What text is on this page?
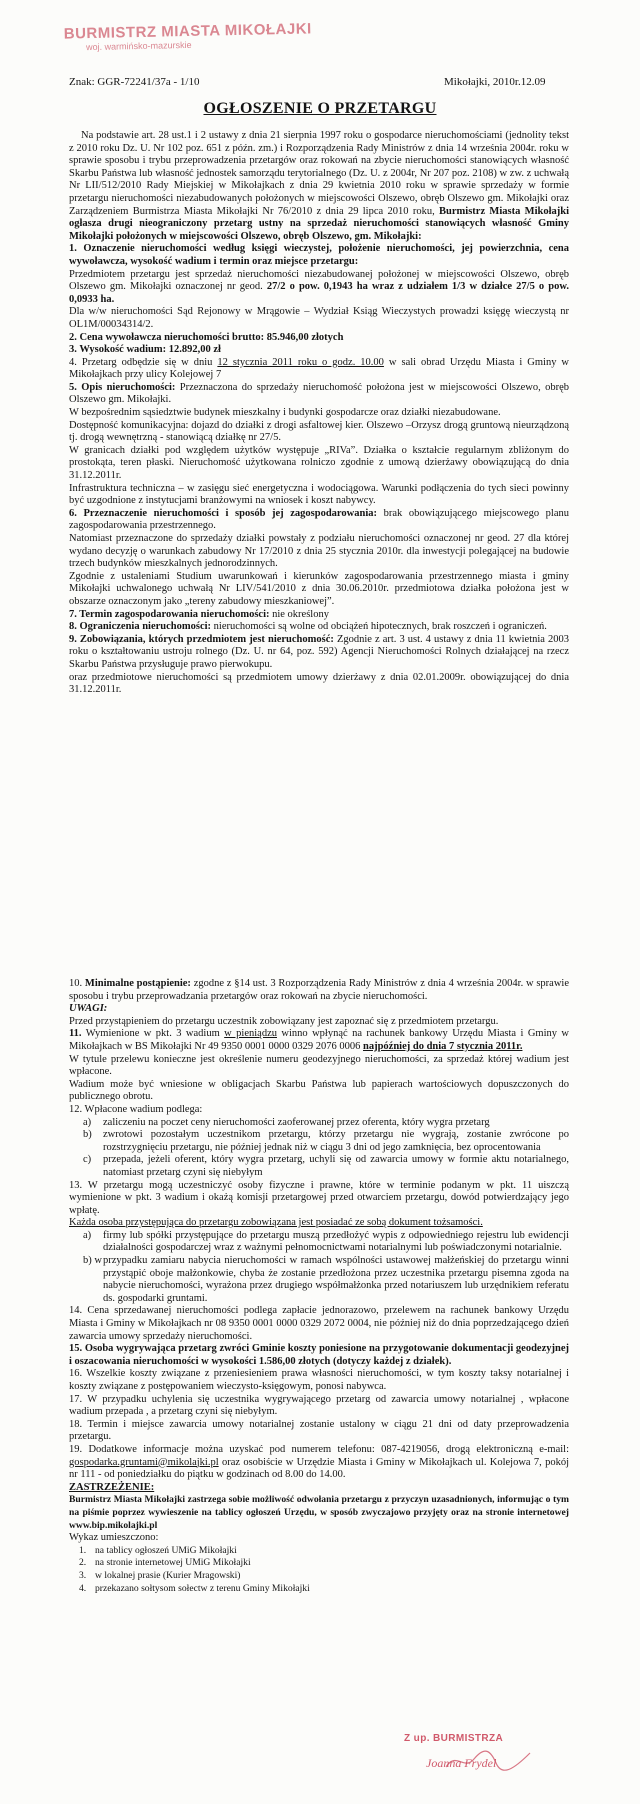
BURMISTRZ MIASTA MIKOŁAJKI
woj. warmińsko-mazurskie
Znak: GGR-72241/37a - 1/10	Mikołajki, 2010r.12.09
OGŁOSZENIE O PRZETARGU

Na podstawie art. 28 ust.1 i 2 ustawy z dnia 21 sierpnia 1997 roku o gospodarce nieruchomościami (jednolity tekst z 2010 roku Dz. U. Nr 102 poz. 651 z późn. zm.) i Rozporządzenia Rady Ministrów z dnia 14 września 2004r. roku w sprawie sposobu i trybu przeprowadzenia przetargów oraz rokowań na zbycie nieruchomości stanowiących własność Skarbu Państwa lub własność jednostek samorządu terytorialnego (Dz. U. z 2004r, Nr 207 poz. 2108) w zw. z uchwałą Nr LII/512/2010 Rady Miejskiej w Mikołajkach z dnia 29 kwietnia 2010 roku w sprawie sprzedaży w formie przetargu nieruchomości niezabudowanych położonych w miejscowości Olszewo, obręb Olszewo gm. Mikołajki oraz Zarządzeniem Burmistrza Miasta Mikołajki Nr 76/2010 z dnia 29 lipca 2010 roku, Burmistrz Miasta Mikołajki ogłasza drugi nieograniczony przetarg ustny na sprzedaż nieruchomości stanowiących własność Gminy Mikołajki położonych w miejscowości Olszewo, obręb Olszewo, gm. Mikołajki:

1. Oznaczenie nieruchomości według księgi wieczystej, położenie nieruchomości, jej powierzchnia, cena wywoławcza, wysokość wadium i termin oraz miejsce przetargu:

Przedmiotem przetargu jest sprzedaż nieruchomości niezabudowanej położonej w miejscowości Olszewo, obręb Olszewo gm. Mikołajki oznaczonej nr geod. 27/2 o pow. 0,1943 ha wraz z udziałem 1/3 w działce 27/5 o pow. 0,0933 ha.

Dla w/w nieruchomości Sąd Rejonowy w Mrągowie – Wydział Ksiąg Wieczystych prowadzi księgę wieczystą nr OL1M/00034314/2.

2. Cena wywoławcza nieruchomości brutto: 85.946,00 złotych

3. Wysokość wadium: 12.892,00 zł

4. Przetarg odbędzie się w dniu 12 stycznia 2011 roku o godz. 10.00 w sali obrad Urzędu Miasta i Gminy w Mikołajkach przy ulicy Kolejowej 7

5. Opis nieruchomości: Przeznaczona do sprzedaży nieruchomość położona jest w miejscowości Olszewo, obręb Olszewo gm. Mikołajki.

W bezpośrednim sąsiedztwie budynek mieszkalny i budynki gospodarcze oraz działki niezabudowane.

Dostępność komunikacyjna: dojazd do działki z drogi asfaltowej kier. Olszewo –Orzysz drogą gruntową nieurządzoną tj. drogą wewnętrzną - stanowiącą działkę nr 27/5.

W granicach działki pod względem użytków występuje „RIVa”. Działka o kształcie regularnym zbliżonym do prostokąta, teren płaski. Nieruchomość użytkowana rolniczo zgodnie z umową dzierżawy obowiązującą do dnia 31.12.2011r.

Infrastruktura techniczna – w zasięgu sieć energetyczna i wodociągowa. Warunki podłączenia do tych sieci powinny być uzgodnione z instytucjami branżowymi na wniosek i koszt nabywcy.

6. Przeznaczenie nieruchomości i sposób jej zagospodarowania: brak obowiązującego miejscowego planu zagospodarowania przestrzennego.

Natomiast przeznaczone do sprzedaży działki powstały z podziału nieruchomości oznaczonej nr geod. 27 dla której wydano decyzję o warunkach zabudowy Nr 17/2010 z dnia 25 stycznia 2010r. dla inwestycji polegającej na budowie trzech budynków mieszkalnych jednorodzinnych.

Zgodnie z ustaleniami Studium uwarunkowań i kierunków zagospodarowania przestrzennego miasta i gminy Mikołajki uchwalonego uchwałą Nr LIV/541/2010 z dnia 30.06.2010r. przedmiotowa działka położona jest w obszarze oznaczonym jako „tereny zabudowy mieszkaniowej”.

7. Termin zagospodarowania nieruchomości: nie określony

8. Ograniczenia nieruchomości: nieruchomości są wolne od obciążeń hipotecznych, brak roszczeń i ograniczeń.

9. Zobowiązania, których przedmiotem jest nieruchomość: Zgodnie z art. 3 ust. 4 ustawy z dnia 11 kwietnia 2003 roku o kształtowaniu ustroju rolnego (Dz. U. nr 64, poz. 592) Agencji Nieruchomości Rolnych działającej na rzecz Skarbu Państwa przysługuje prawo pierwokupu.

oraz przedmiotowe nieruchomości są przedmiotem umowy dzierżawy z dnia 02.01.2009r. obowiązującej do dnia 31.12.2011r.

10. Minimalne postąpienie: zgodne z §14 ust. 3 Rozporządzenia Rady Ministrów z dnia 4 września 2004r. w sprawie sposobu i trybu przeprowadzania przetargów oraz rokowań na zbycie nieruchomości.

UWAGI:

Przed przystąpieniem do przetargu uczestnik zobowiązany jest zapoznać się z przedmiotem przetargu.

11. Wymienione w pkt. 3 wadium w pieniądzu winno wpłynąć na rachunek bankowy Urzędu Miasta i Gminy w Mikołajkach w BS Mikołajki Nr 49 9350 0001 0000 0329 2076 0006 najpóźniej do dnia 7 stycznia 2011r.

W tytule przelewu konieczne jest określenie numeru geodezyjnego nieruchomości, za sprzedaż której wadium jest wpłacone.

Wadium może być wniesione w obligacjach Skarbu Państwa lub papierach wartościowych dopuszczonych do publicznego obrotu.

12. Wpłacone wadium podlega:

a) zaliczeniu na poczet ceny nieruchomości zaoferowanej przez oferenta, który wygra przetarg
b) zwrotowi pozostałym uczestnikom przetargu, którzy przetargu nie wygrają, zostanie zwrócone po rozstrzygnięciu przetargu, nie później jednak niż w ciągu 3 dni od jego zamknięcia, bez oprocentowania
c) przepada, jeżeli oferent, który wygra przetarg, uchyli się od zawarcia umowy w formie aktu notarialnego, natomiast przetarg czyni się niebyłym

13. W przetargu mogą uczestniczyć osoby fizyczne i prawne, które w terminie podanym w pkt. 11 uiszczą wymienione w pkt. 3 wadium i okażą komisji przetargowej przed otwarciem przetargu, dowód potwierdzający jego wpłatę.

Każda osoba przystępująca do przetargu zobowiązana jest posiadać ze sobą dokument tożsamości.

a) firmy lub spółki przystępujące do przetargu muszą przedłożyć wypis z odpowiedniego rejestru lub ewidencji działalności gospodarczej wraz z ważnymi pełnomocnictwami notarialnymi lub poświadczonymi notarialnie.
b) w przypadku zamiaru nabycia nieruchomości w ramach wspólności ustawowej małżeńskiej do przetargu winni przystąpić oboje małżonkowie, chyba że zostanie przedłożona przez uczestnika przetargu pisemna zgoda na nabycie nieruchomości, wyrażona przez drugiego współmałżonka przed notariuszem lub urzędnikiem referatu ds. gospodarki gruntami.

14. Cena sprzedawanej nieruchomości podlega zapłacie jednorazowo, przelewem na rachunek bankowy Urzędu Miasta i Gminy w Mikołajkach nr 08 9350 0001 0000 0329 2072 0004, nie później niż do dnia poprzedzającego dzień zawarcia umowy sprzedaży nieruchomości.

15. Osoba wygrywająca przetarg zwróci Gminie koszty poniesione na przygotowanie dokumentacji geodezyjnej i oszacowania nieruchomości w wysokości 1.586,00 złotych (dotyczy każdej z działek).

16. Wszelkie koszty związane z przeniesieniem prawa własności nieruchomości, w tym koszty taksy notarialnej i koszty związane z postępowaniem wieczysto-księgowym, ponosi nabywca.

17. W przypadku uchylenia się uczestnika wygrywającego przetarg od zawarcia umowy notarialnej , wpłacone wadium przepada , a przetarg czyni się niebyłym.

18. Termin i miejsce zawarcia umowy notarialnej zostanie ustalony w ciągu 21 dni od daty przeprowadzenia przetargu.

19. Dodatkowe informacje można uzyskać pod numerem telefonu: 087-4219056, drogą elektroniczną e-mail: gospodarka.gruntami@mikolajki.pl oraz osobiście w Urzędzie Miasta i Gminy w Mikołajkach ul. Kolejowa 7, pokój nr 111 - od poniedziałku do piątku w godzinach od 8.00 do 14.00.

ZASTRZEŻENIE:

Burmistrz Miasta Mikołajki zastrzega sobie możliwość odwołania przetargu z przyczyn uzasadnionych, informując o tym na piśmie poprzez wywieszenie na tablicy ogłoszeń Urzędu, w sposób zwyczajowo przyjęty oraz na stronie internetowej www.bip.mikolajki.pl

Wykaz umieszczono:

1. na tablicy ogłoszeń UMiG Mikołajki
2. na stronie internetowej UMiG Mikołajki
3. w lokalnej prasie (Kurier Mragowski)
4. przekazano sołtysom sołectw z terenu Gminy Mikołajki
Z up. BURMISTRZA
Joanna Frydel
